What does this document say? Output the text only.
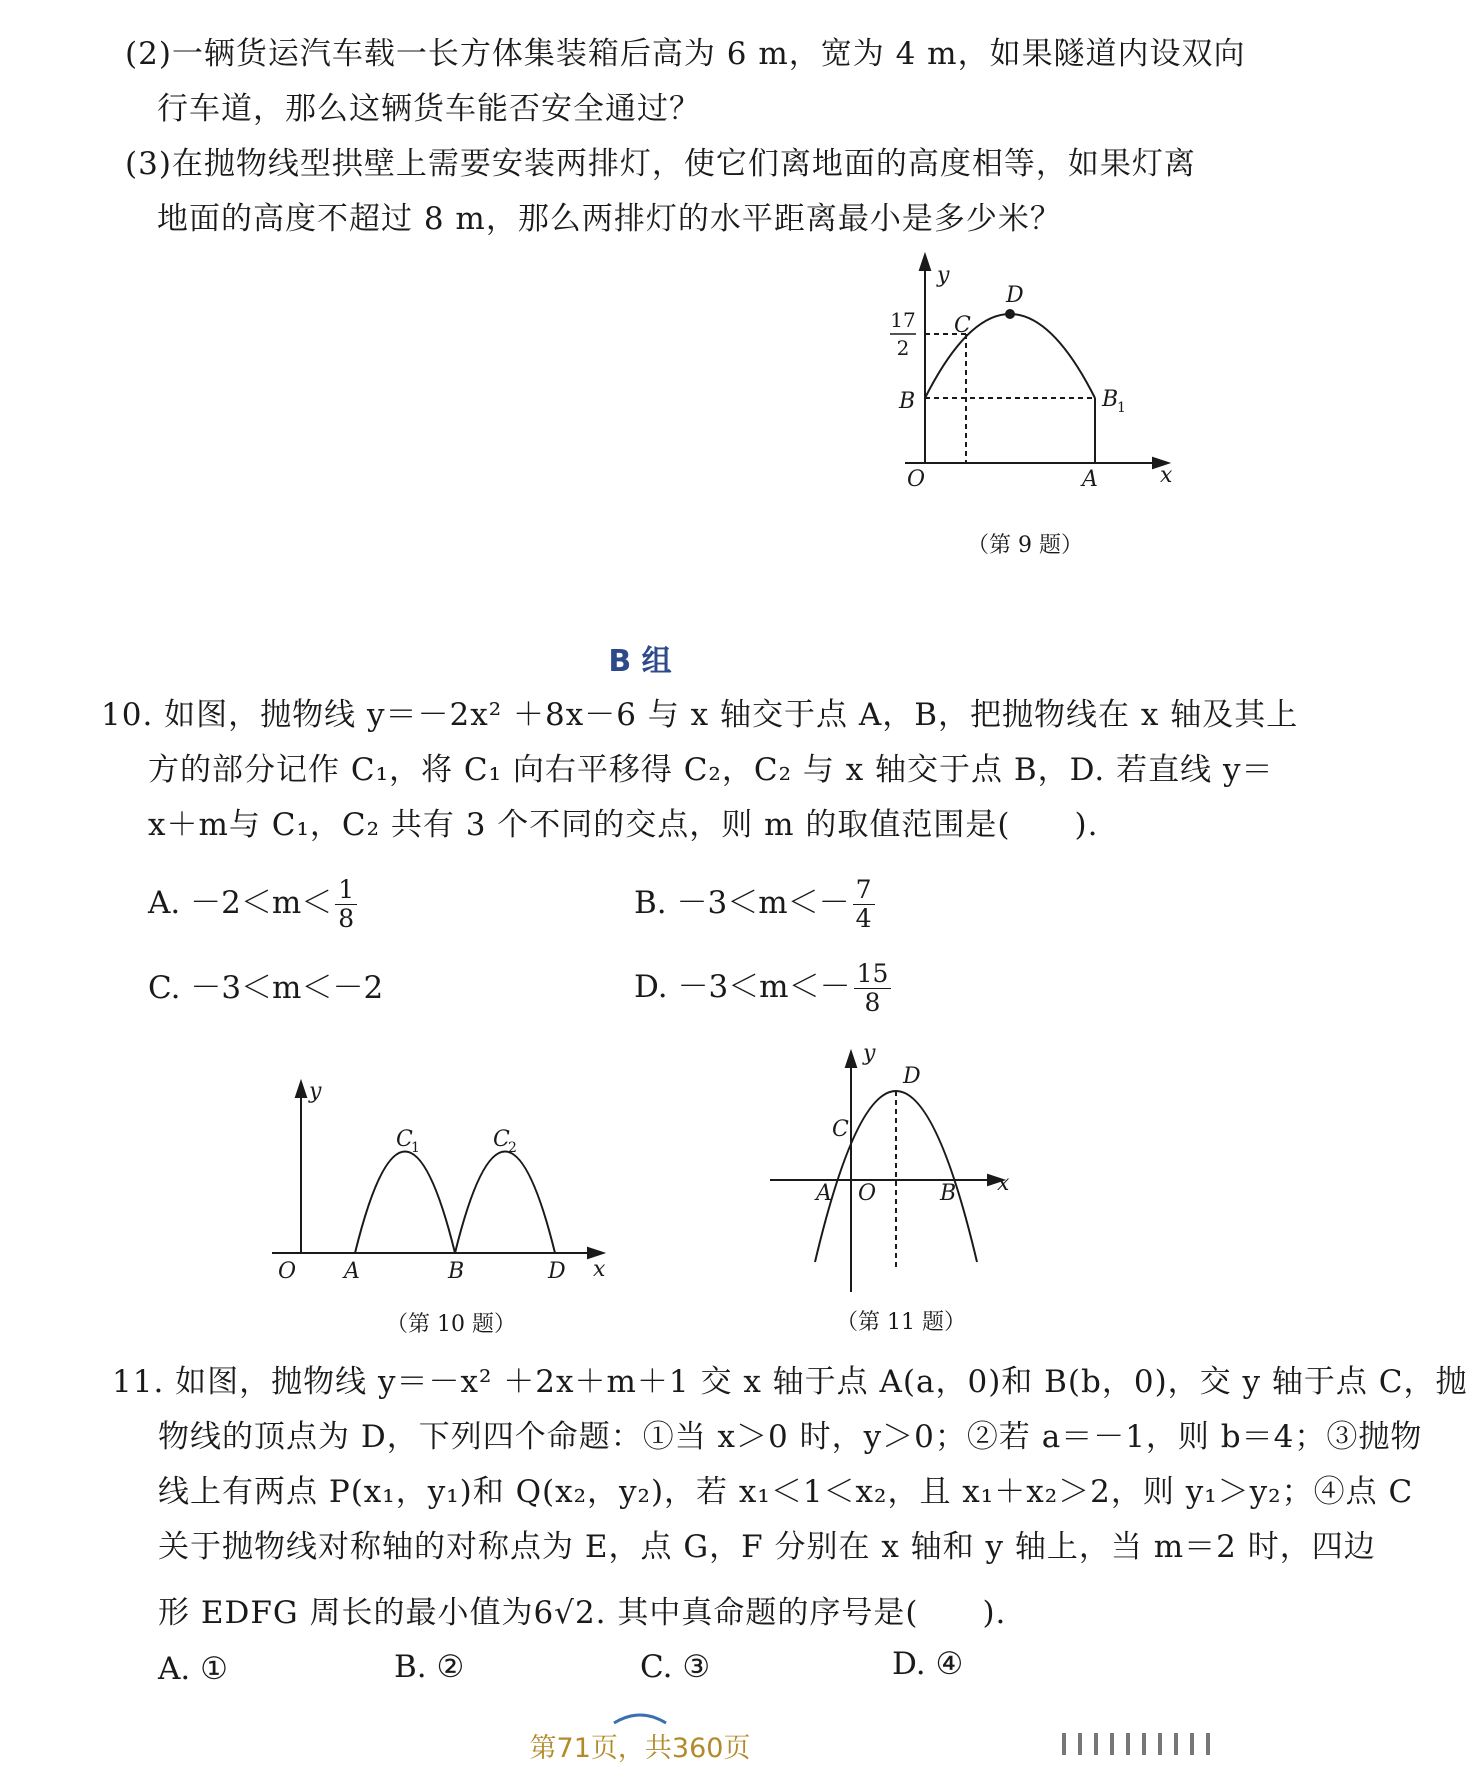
(2)一辆货运汽车载一长方体集装箱后高为 6 m，宽为 4 m，如果隧道内设双向
行车道，那么这辆货车能否安全通过？
(3)在抛物线型拱壁上需要安装两排灯，使它们离地面的高度相等，如果灯离
地面的高度不超过 8 m，那么两排灯的水平距离最小是多少米？
y
D
C
B	B
1
O	A	x
17
2
（第 9 题）
B 组
10. 如图，抛物线 y＝－2x² ＋8x－6 与 x 轴交于点 A，B，把抛物线在 x 轴及其上
方的部分记作 C₁，将 C₁ 向右平移得 C₂，C₂ 与 x 轴交于点 B，D. 若直线 y＝
x＋m与 C₁，C₂ 共有 3 个不同的交点，则 m 的取值范围是(　　).
A. $-2<m< \frac{1}{8}$	B. $-3<m<- \frac{7}{4}$
C. －3＜m＜－2	D. $-3<m<- \frac{15}{8}$
y
O A	B	D x
C
1	C
2
（第 10 题）
y
D
C
A O	B x
（第 11 题）
11. 如图，抛物线 y＝－x² ＋2x＋m＋1 交 x 轴于点 A(a，0)和 B(b，0)，交 y 轴于点 C，抛
物线的顶点为 D，下列四个命题：①当 x＞0 时，y＞0；②若 a＝－1，则 b＝4；③抛物
线上有两点 P(x₁，y₁)和 Q(x₂，y₂)，若 x₁＜1＜x₂，且 x₁＋x₂＞2，则 y₁＞y₂；④点 C
关于抛物线对称轴的对称点为 E，点 G，F 分别在 x 轴和 y 轴上，当 m＝2 时，四边
形 EDFG 周长的最小值为6√2. 其中真命题的序号是(　　).
A. ①	B. ②	C. ③	D. ④
第71页，共360页
